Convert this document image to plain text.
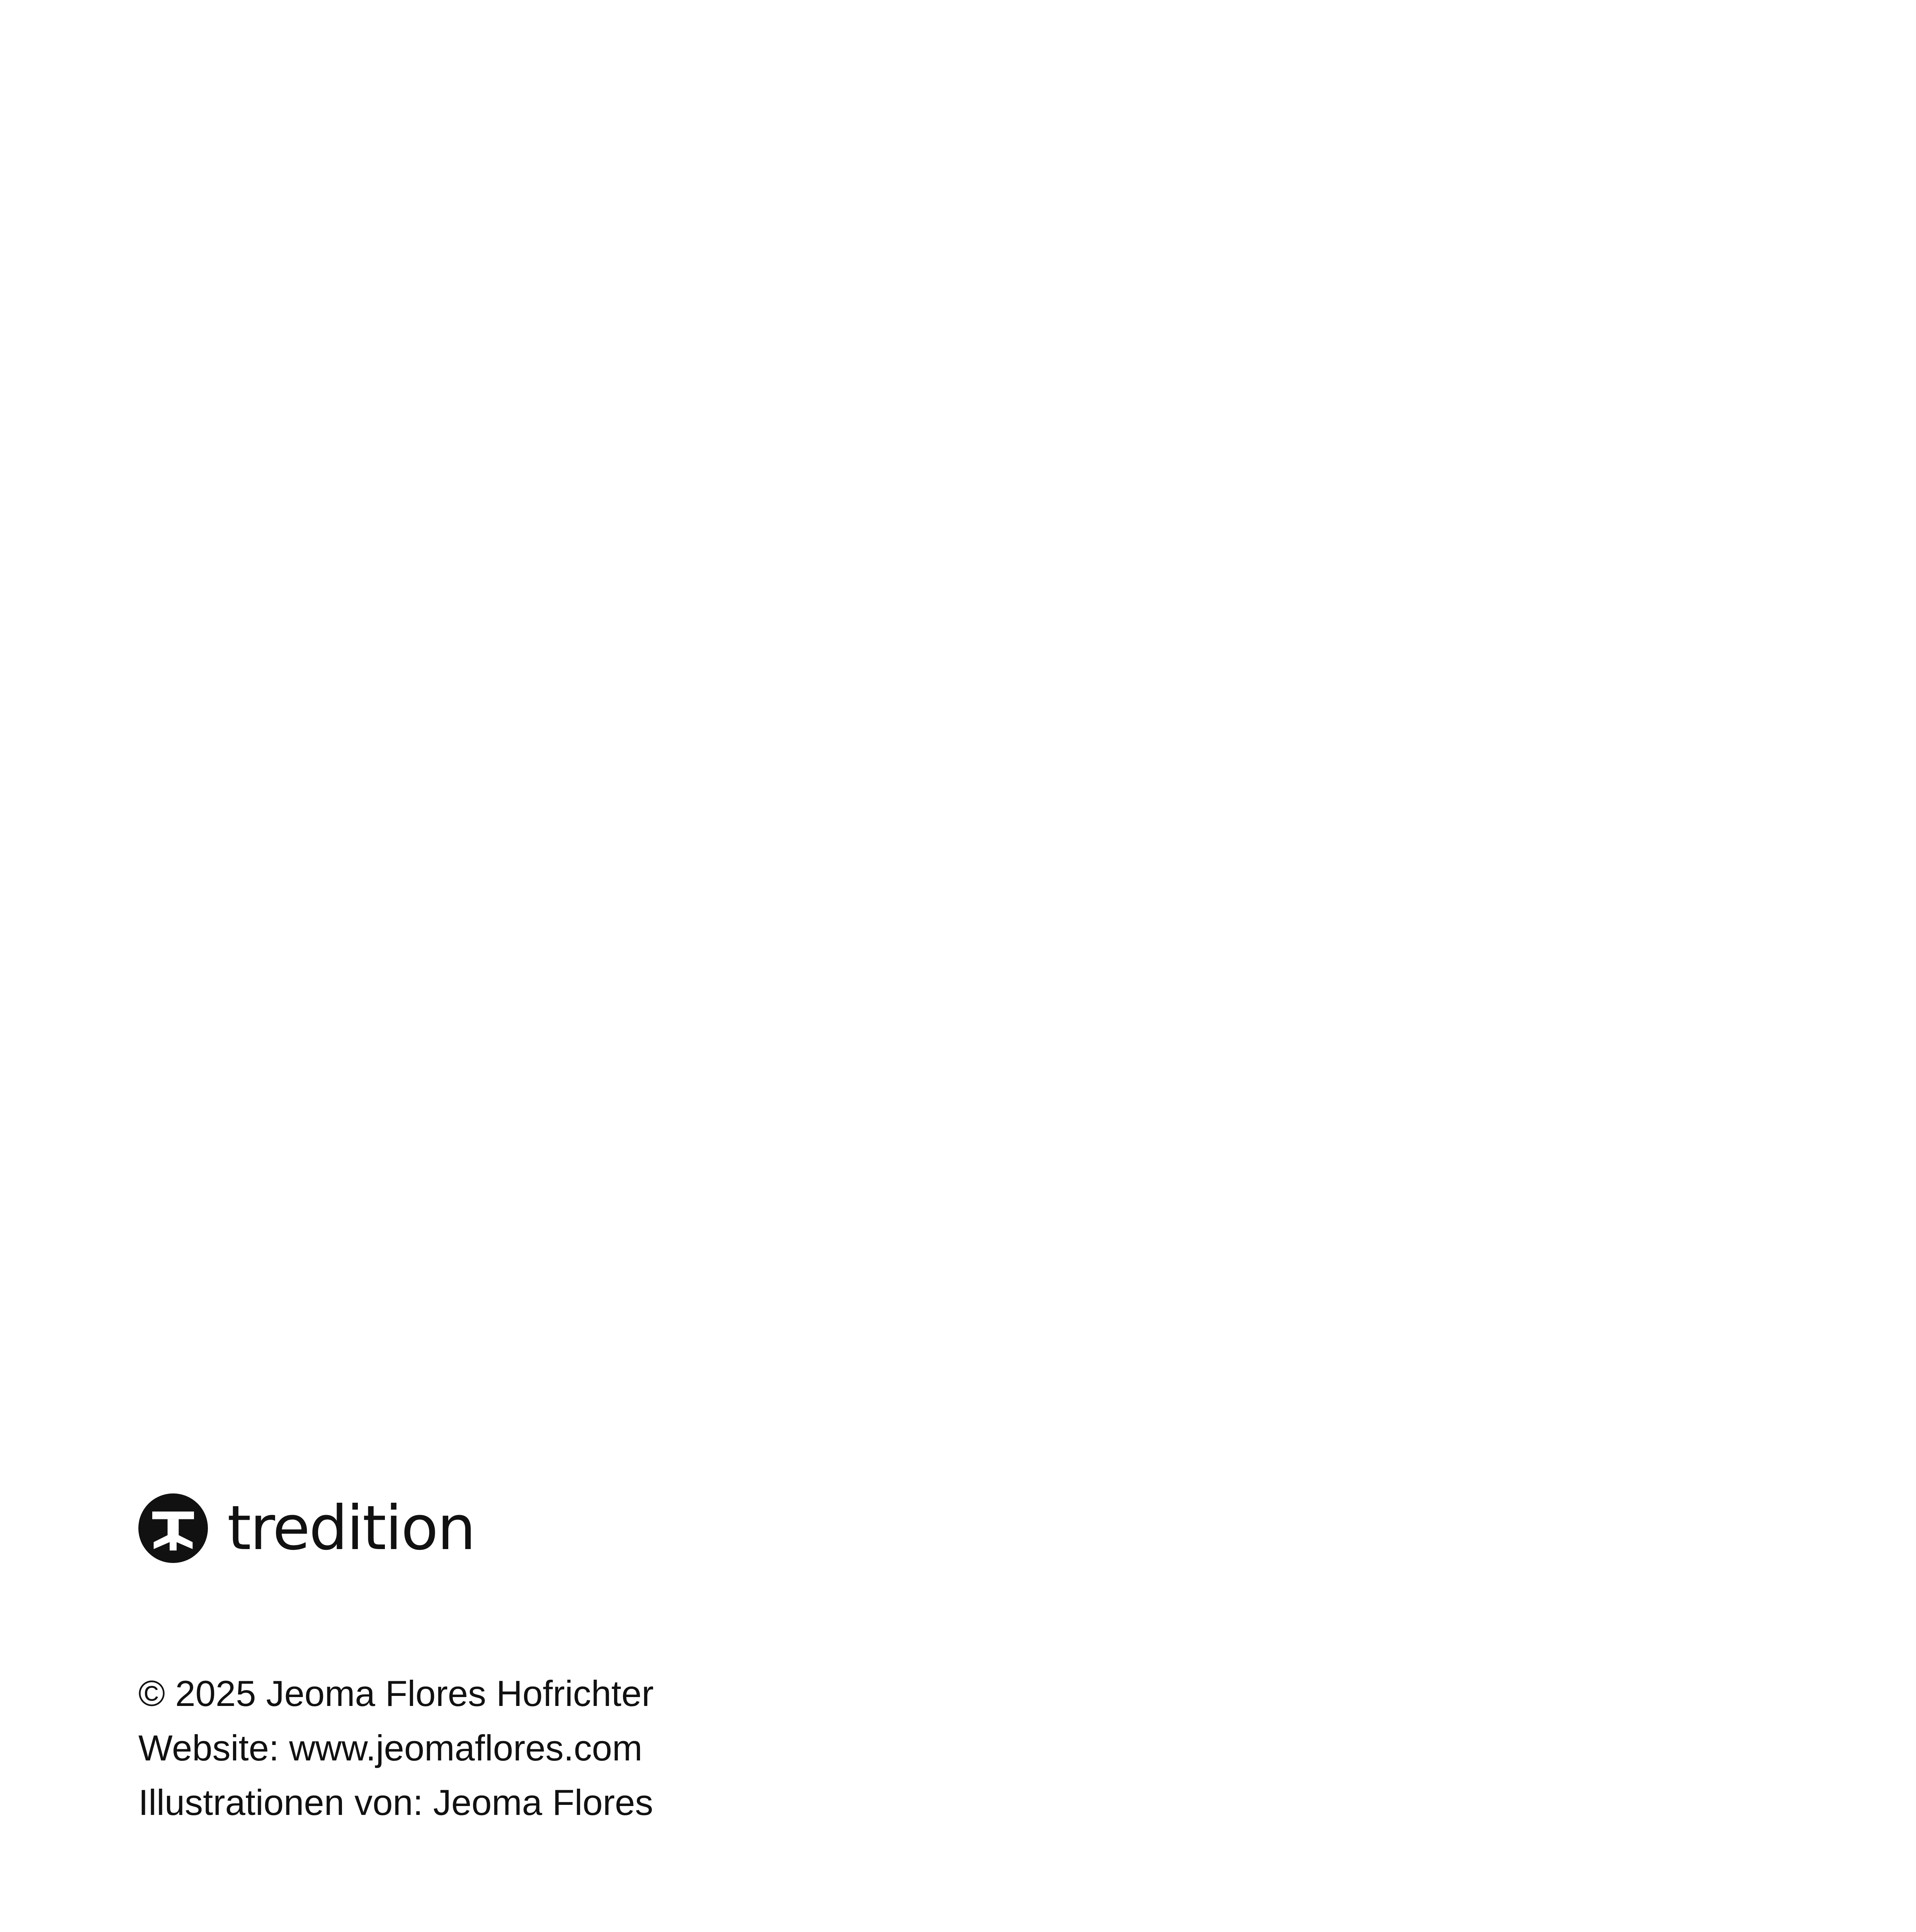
tredition
© 2025 Jeoma Flores Hofrichter
Website: www.jeomaflores.com
Illustrationen von: Jeoma Flores
